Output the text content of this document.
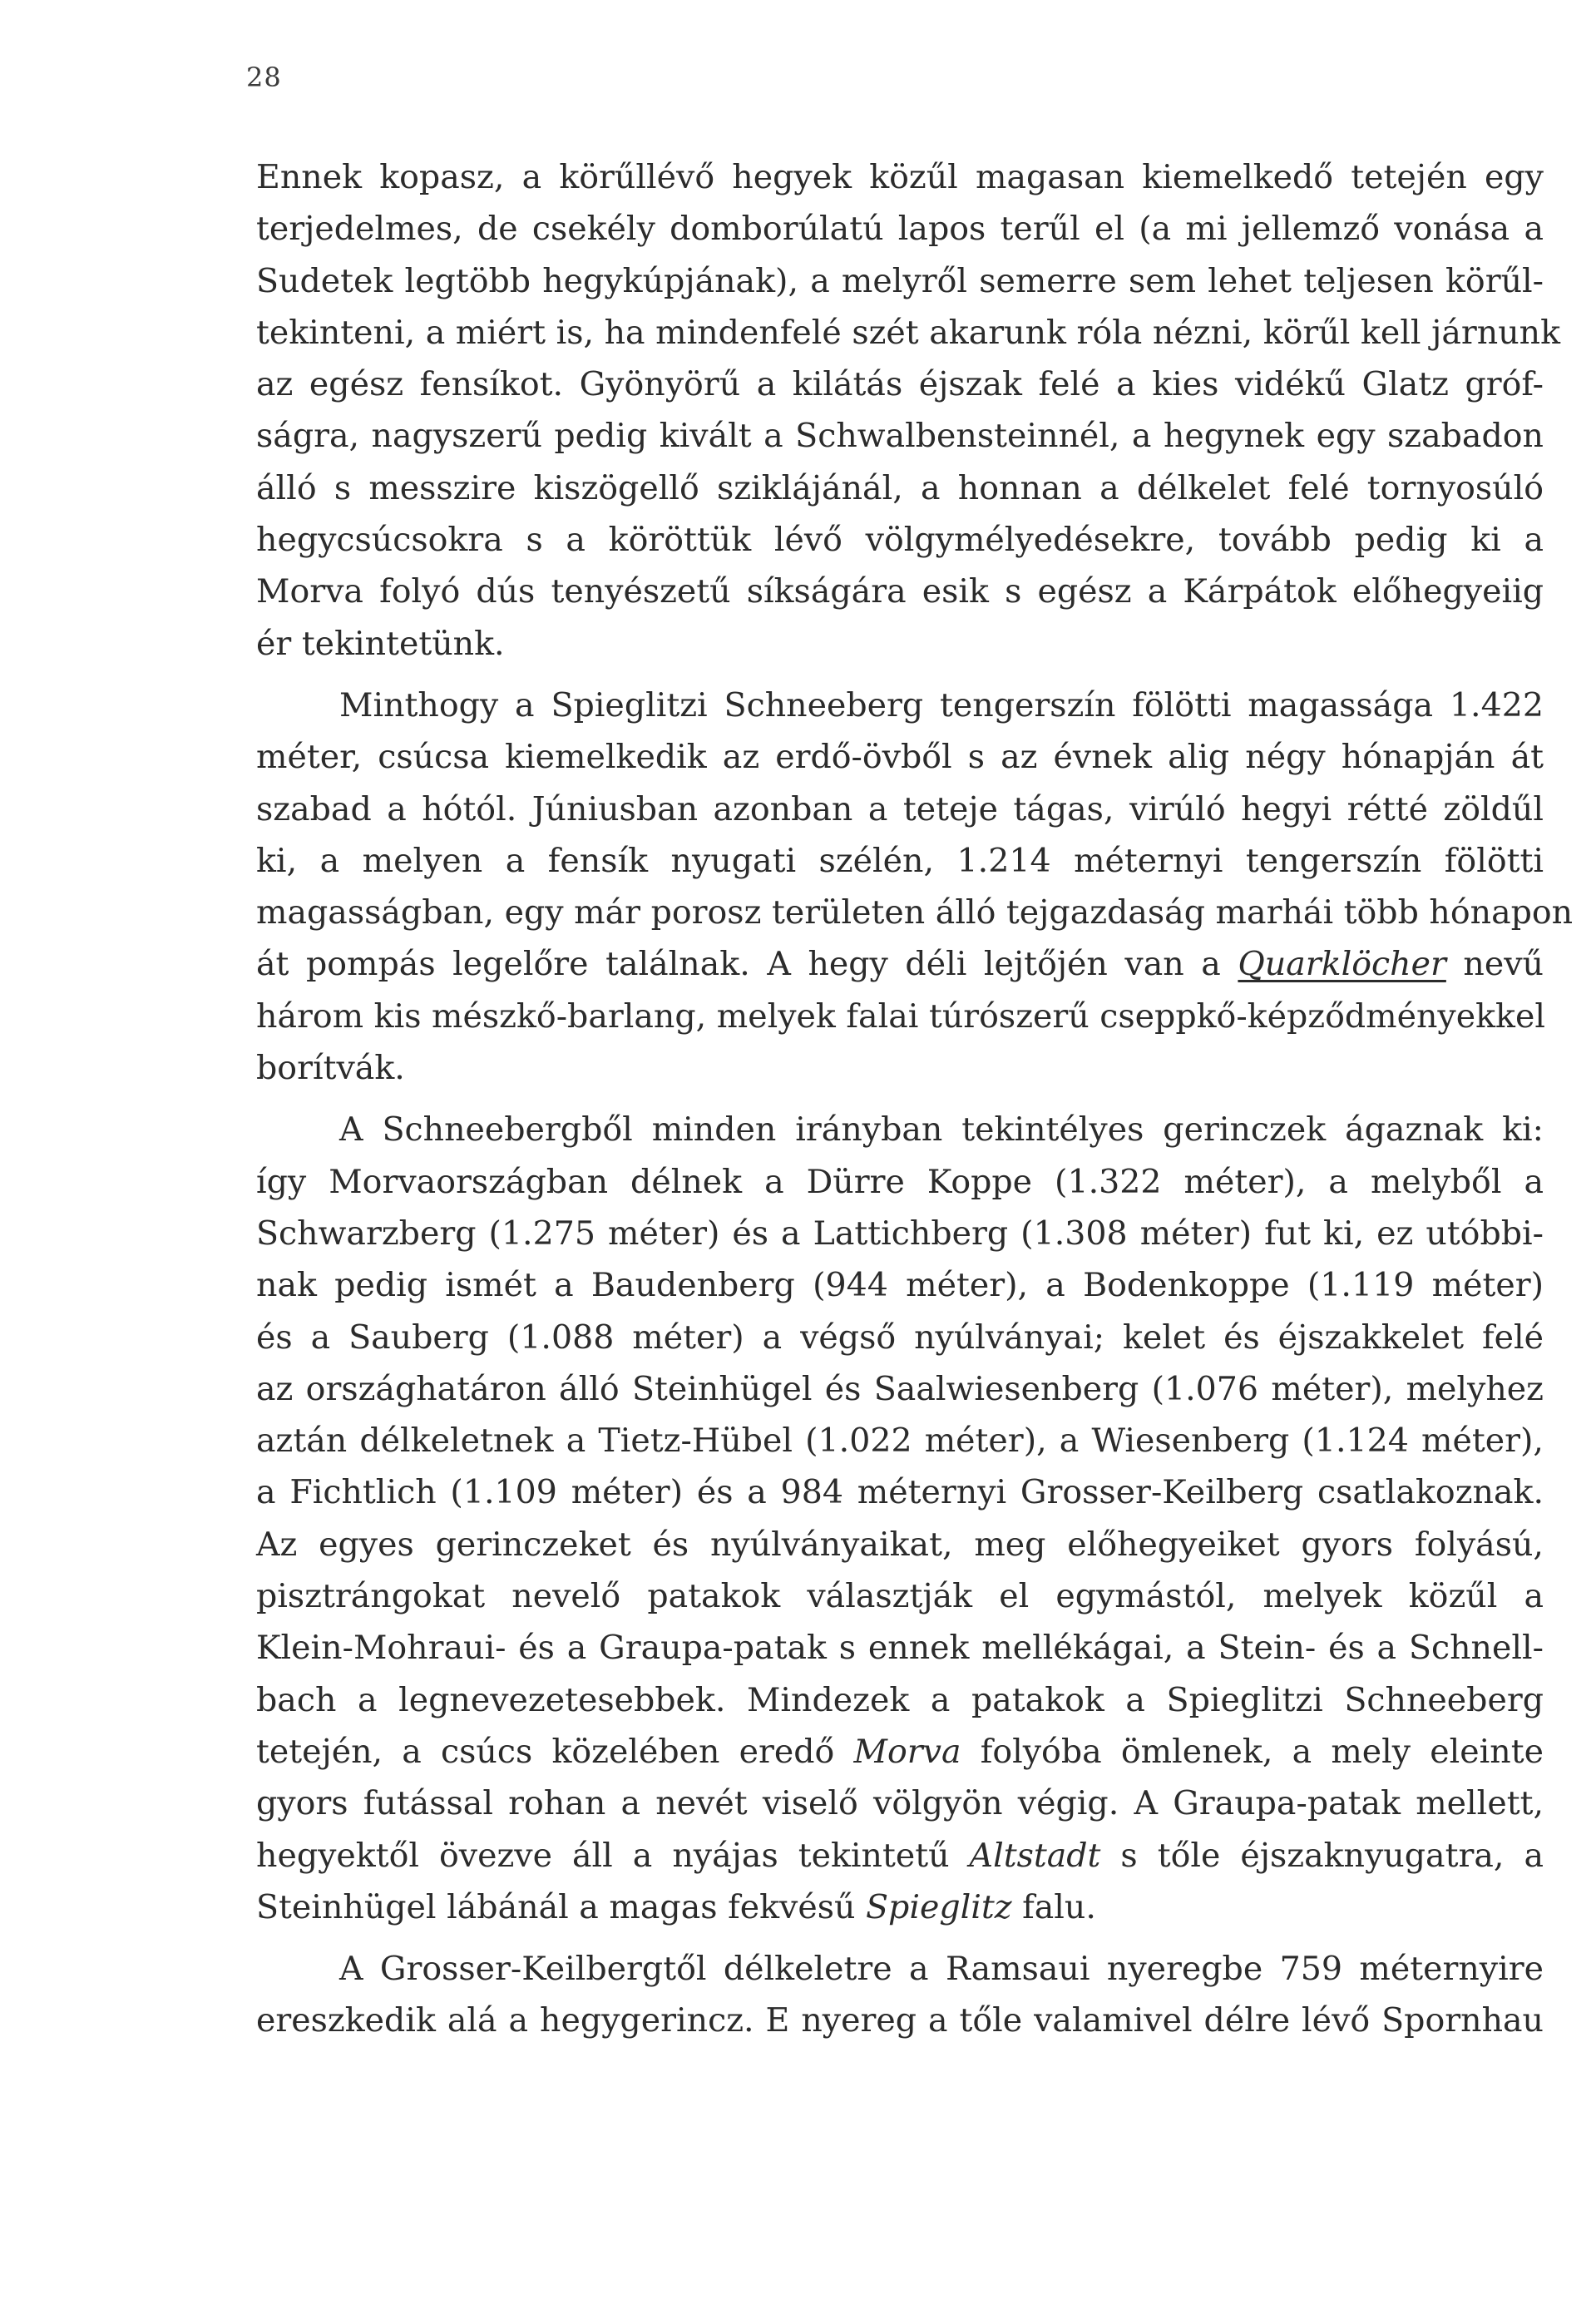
28
Ennek kopasz, a körűllévő hegyek közűl magasan kiemelkedő tetején egy
terjedelmes, de csekély domborúlatú lapos terűl el (a mi jellemző vonása a
Sudetek legtöbb hegykúpjának), a melyről semerre sem lehet teljesen körűl-
tekinteni, a miért is, ha mindenfelé szét akarunk róla nézni, körűl kell járnunk
az egész fensíkot. Gyönyörű a kilátás éjszak felé a kies vidékű Glatz gróf-
ságra, nagyszerű pedig kivált a Schwalbensteinnél, a hegynek egy szabadon
álló s messzire kiszögellő sziklájánál, a honnan a délkelet felé tornyosúló
hegycsúcsokra s a köröttük lévő völgymélyedésekre, tovább pedig ki a
Morva folyó dús tenyészetű síkságára esik s egész a Kárpátok előhegyeiig
ér tekintetünk.
Minthogy a Spieglitzi Schneeberg tengerszín fölötti magassága 1.422
méter, csúcsa kiemelkedik az erdő-övből s az évnek alig négy hónapján át
szabad a hótól. Júniusban azonban a teteje tágas, virúló hegyi rétté zöldűl
ki, a melyen a fensík nyugati szélén, 1.214 méternyi tengerszín fölötti
magasságban, egy már porosz területen álló tejgazdaság marhái több hónapon
át pompás legelőre találnak. A hegy déli lejtőjén van a Quarklöcher nevű
három kis mészkő-barlang, melyek falai túrószerű cseppkő-képződményekkel
borítvák.
A Schneebergből minden irányban tekintélyes gerinczek ágaznak ki:
így Morvaországban délnek a Dürre Koppe (1.322 méter), a melyből a
Schwarzberg (1.275 méter) és a Lattichberg (1.308 méter) fut ki, ez utóbbi-
nak pedig ismét a Baudenberg (944 méter), a Bodenkoppe (1.119 méter)
és a Sauberg (1.088 méter) a végső nyúlványai; kelet és éjszakkelet felé
az országhatáron álló Steinhügel és Saalwiesenberg (1.076 méter), melyhez
aztán délkeletnek a Tietz-Hübel (1.022 méter), a Wiesenberg (1.124 méter),
a Fichtlich (1.109 méter) és a 984 méternyi Grosser-Keilberg csatlakoznak.
Az egyes gerinczeket és nyúlványaikat, meg előhegyeiket gyors folyású,
pisztrángokat nevelő patakok választják el egymástól, melyek közűl a
Klein-Mohraui- és a Graupa-patak s ennek mellékágai, a Stein- és a Schnell-
bach a legnevezetesebbek. Mindezek a patakok a Spieglitzi Schneeberg
tetején, a csúcs közelében eredő Morva folyóba ömlenek, a mely eleinte
gyors futással rohan a nevét viselő völgyön végig. A Graupa-patak mellett,
hegyektől övezve áll a nyájas tekintetű Altstadt s tőle éjszaknyugatra, a
Steinhügel lábánál a magas fekvésű Spieglitz falu.
A Grosser-Keilbergtől délkeletre a Ramsaui nyeregbe 759 méternyire
ereszkedik alá a hegygerincz. E nyereg a tőle valamivel délre lévő Spornhau
